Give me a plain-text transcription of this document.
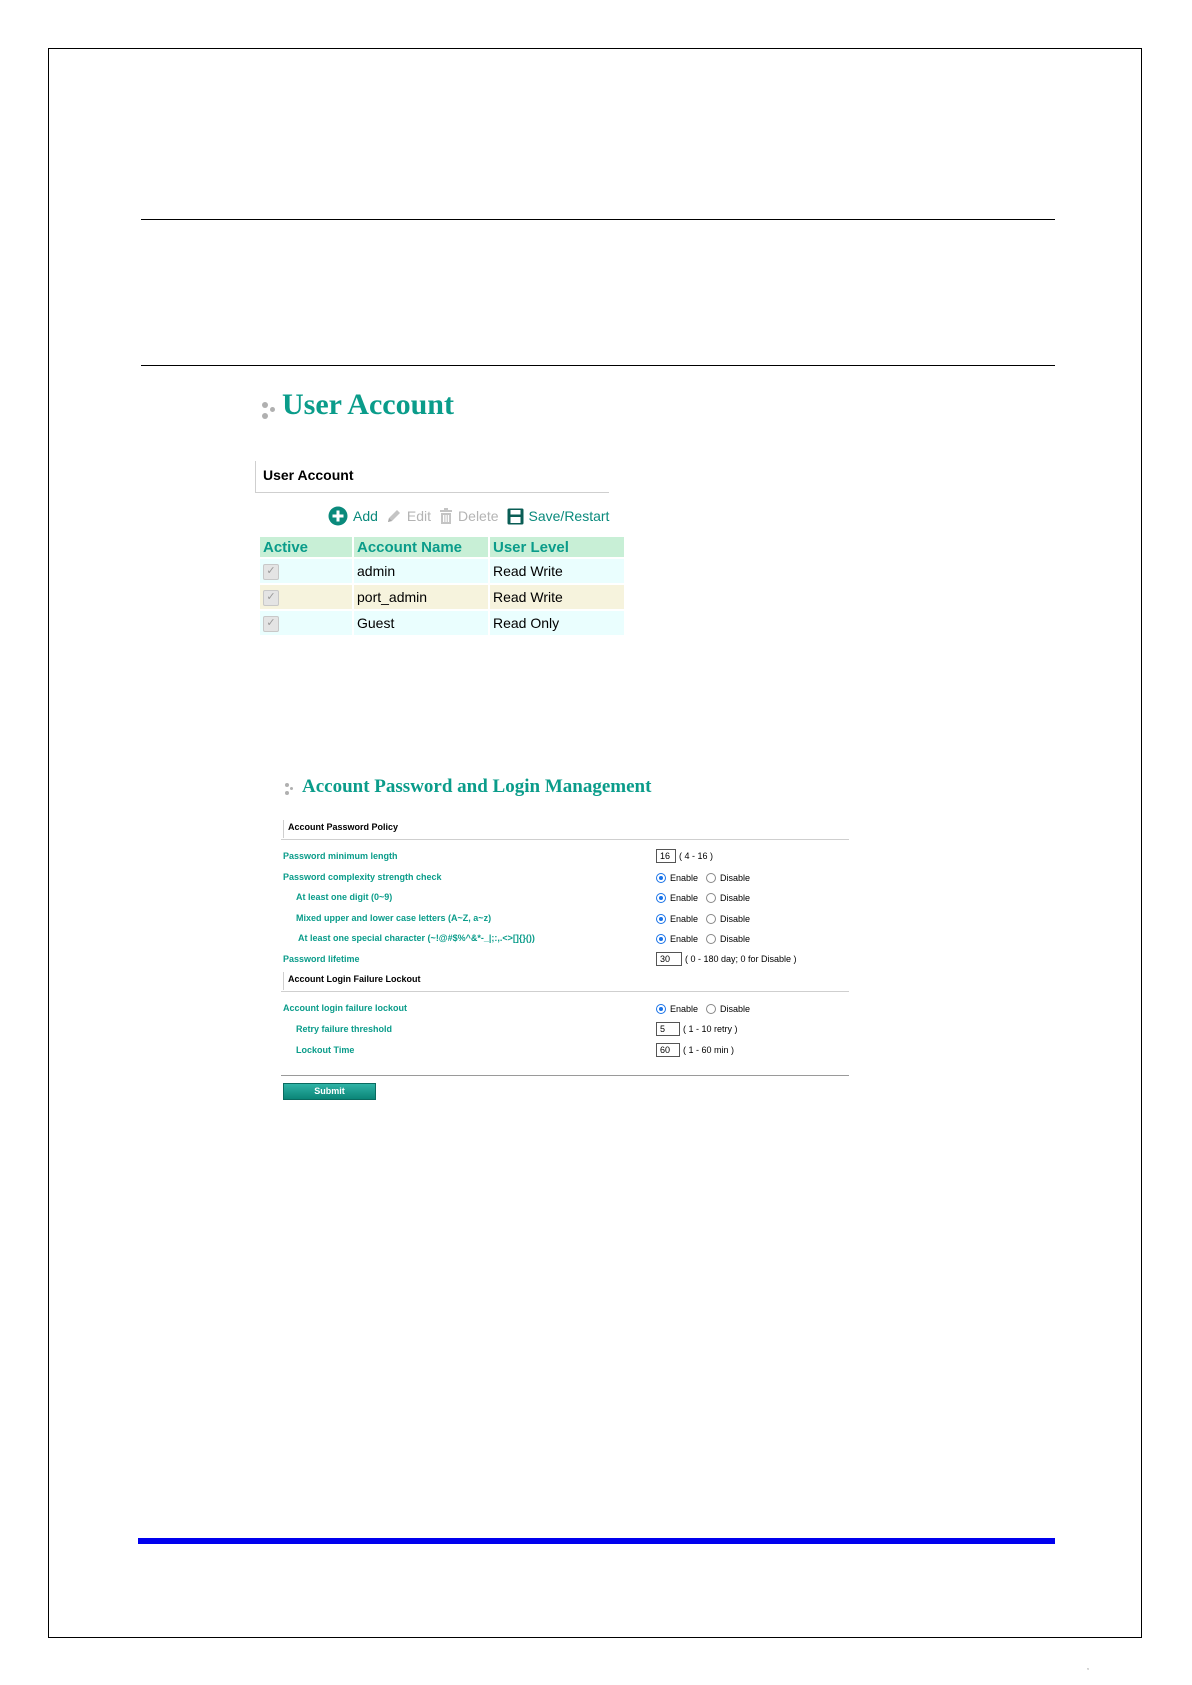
User Account
User Account
Add Edit Delete Save/Restart
Active	Account Name	User Level
✓	admin	Read Write
✓	port_admin	Read Write
✓	Guest	Read Only
Account Password and Login Management
Account Password Policy
Password minimum length	16 ( 4 - 16 )
Password complexity strength check	Enable Disable
At least one digit (0~9)	Enable Disable
Mixed upper and lower case letters (A~Z, a~z)	Enable Disable
At least one special character (~!@#$%^&*-_|;:,.<>[]{}())	Enable Disable
Password lifetime	30	( 0 - 180 day; 0 for Disable )
Account Login Failure Lockout
Account login failure lockout	Enable Disable
Retry failure threshold	5	( 1 - 10 retry )
Lockout Time	60	( 1 - 60 min )
Submit
,
